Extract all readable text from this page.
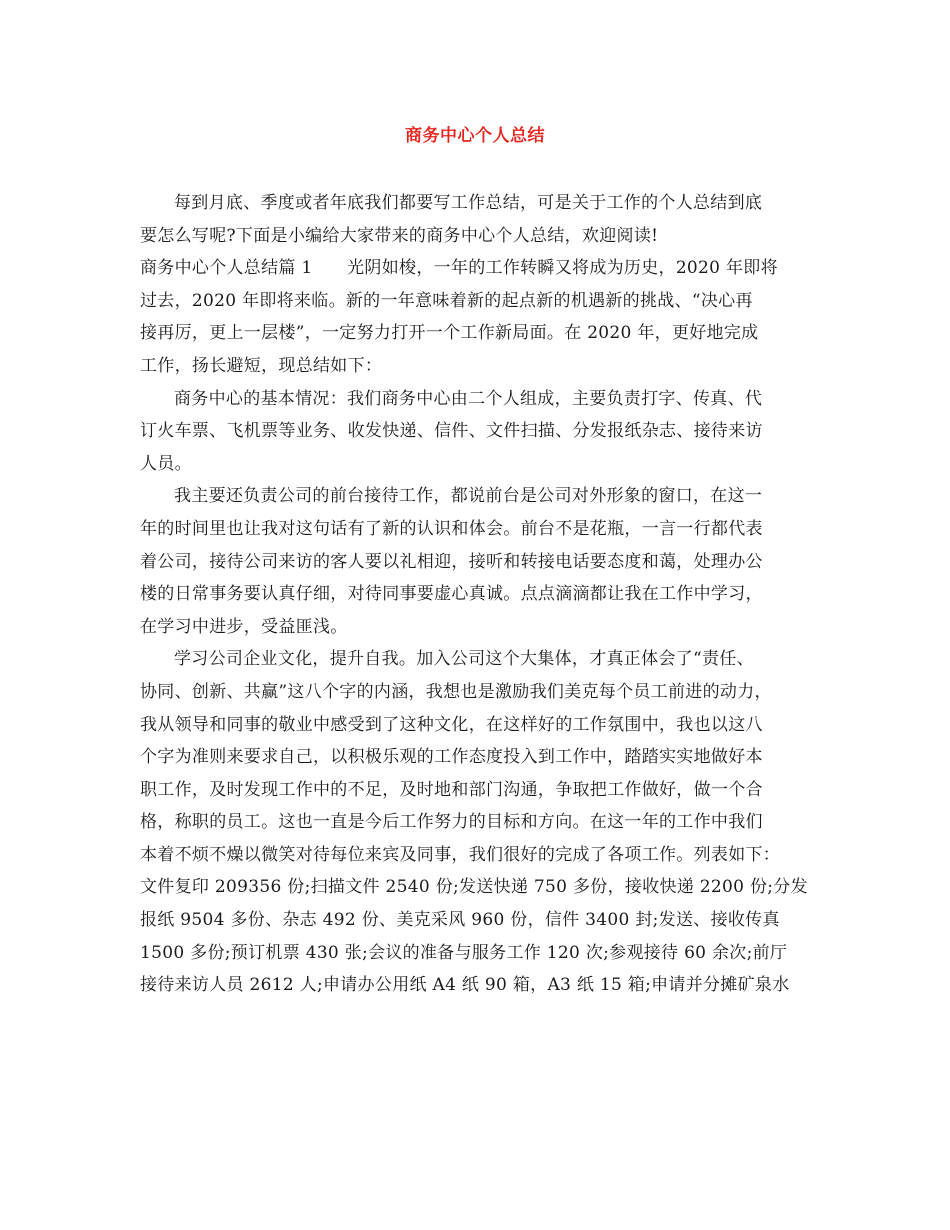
商务中心个人总结
每到月底、季度或者年底我们都要写工作总结，可是关于工作的个人总结到底
要怎么写呢?下面是小编给大家带来的商务中心个人总结，欢迎阅读!
商务中心个人总结篇 1　　光阴如梭，一年的工作转瞬又将成为历史，2020 年即将
过去，2020 年即将来临。新的一年意味着新的起点新的机遇新的挑战、“决心再
接再厉，更上一层楼”，一定努力打开一个工作新局面。在 2020 年，更好地完成
工作，扬长避短，现总结如下：
商务中心的基本情况：我们商务中心由二个人组成，主要负责打字、传真、代
订火车票、飞机票等业务、收发快递、信件、文件扫描、分发报纸杂志、接待来访
人员。
我主要还负责公司的前台接待工作，都说前台是公司对外形象的窗口，在这一
年的时间里也让我对这句话有了新的认识和体会。前台不是花瓶，一言一行都代表
着公司，接待公司来访的客人要以礼相迎，接听和转接电话要态度和蔼，处理办公
楼的日常事务要认真仔细，对待同事要虚心真诚。点点滴滴都让我在工作中学习，
在学习中进步，受益匪浅。
学习公司企业文化，提升自我。加入公司这个大集体，才真正体会了“责任、
协同、创新、共赢”这八个字的内涵，我想也是激励我们美克每个员工前进的动力，
我从领导和同事的敬业中感受到了这种文化，在这样好的工作氛围中，我也以这八
个字为准则来要求自己，以积极乐观的工作态度投入到工作中，踏踏实实地做好本
职工作，及时发现工作中的不足，及时地和部门沟通，争取把工作做好，做一个合
格，称职的员工。这也一直是今后工作努力的目标和方向。在这一年的工作中我们
本着不烦不燥以微笑对待每位来宾及同事，我们很好的完成了各项工作。列表如下：
文件复印 209356 份;扫描文件 2540 份;发送快递 750 多份，接收快递 2200 份;分发
报纸 9504 多份、杂志 492 份、美克采风 960 份，信件 3400 封;发送、接收传真
1500 多份;预订机票 430 张;会议的准备与服务工作 120 次;参观接待 60 余次;前厅
接待来访人员 2612 人;申请办公用纸 A4 纸 90 箱，A3 纸 15 箱;申请并分摊矿泉水
